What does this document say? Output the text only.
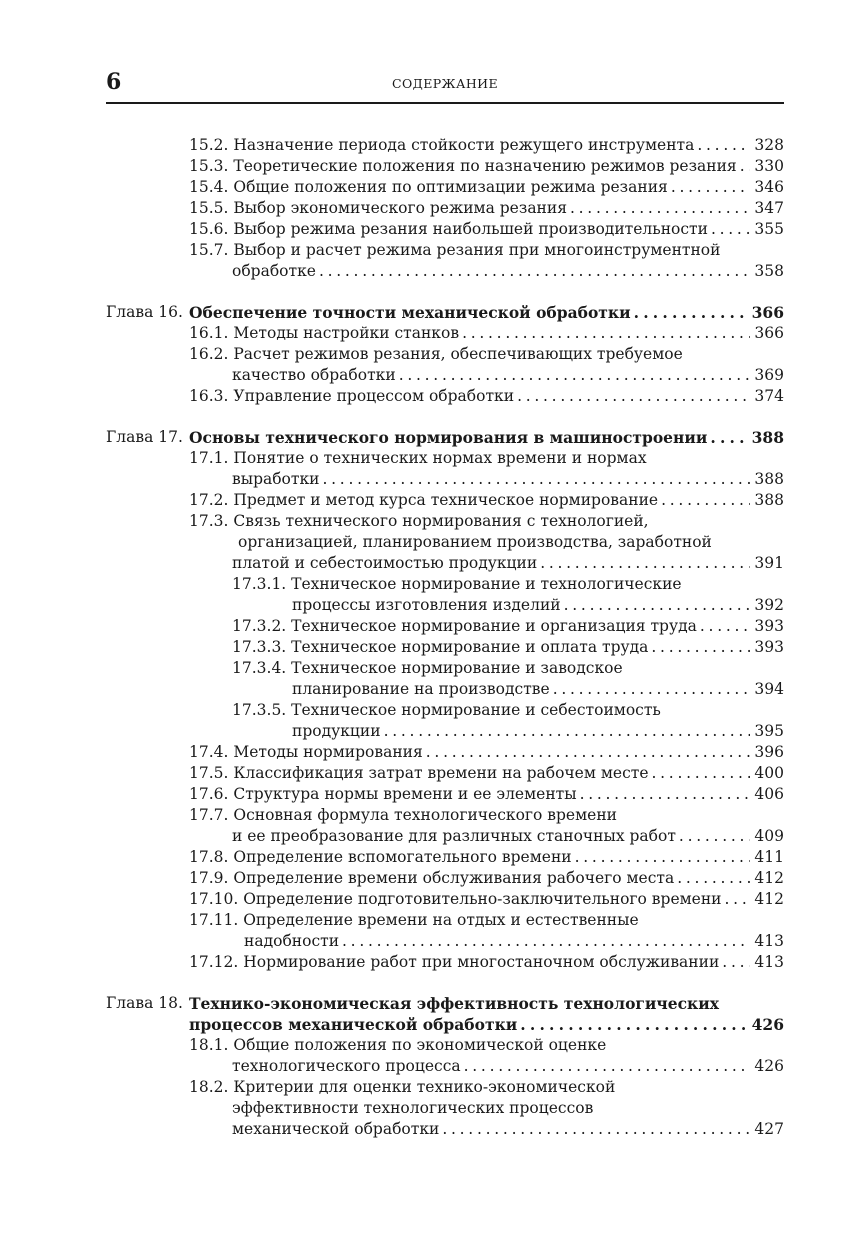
6	СОДЕРЖАНИЕ
15.2. Назначение периода стойкости режущего инструмента . . .	328
15.3. Теоретические положения по назначению режимов резания . . . 330
15.4. Общие положения по оптимизации режима резания . . .	346
15.5. Выбор экономического режима резания . . .	347
15.6. Выбор режима резания наибольшей производительности . . .	355
15.7. Выбор и расчет режима резания при многоинструментной
обработке . . .	358
Глава 16. Обеспечение точности механической обработки . . .	366
16.1. Методы настройки станков . . .	366
16.2. Расчет режимов резания, обеспечивающих требуемое
качество обработки . . .	369
16.3. Управление процессом обработки . . .	374
Глава 17. Основы технического нормирования в машиностроении . . .	388
17.1. Понятие о технических нормах времени и нормах
выработки . . .	388
17.2. Предмет и метод курса техническое нормирование . . .	388
17.3. Связь технического нормирования с технологией,
организацией, планированием производства, заработной
платой и себестоимостью продукции . . .	391
17.3.1. Техническое нормирование и технологические
процессы изготовления изделий . . .	392
17.3.2. Техническое нормирование и организация труда . . .	393
17.3.3. Техническое нормирование и оплата труда . . .	393
17.3.4. Техническое нормирование и заводское
планирование на производстве . . .	394
17.3.5. Техническое нормирование и себестоимость
продукции . . .	395
17.4. Методы нормирования . . .	396
17.5. Классификация затрат времени на рабочем месте . . .	400
17.6. Структура нормы времени и ее элементы . . .	406
17.7. Основная формула технологического времени
и ее преобразование для различных станочных работ . . .	409
17.8. Определение вспомогательного времени . . .	411
17.9. Определение времени обслуживания рабочего места . . .	412
17.10. Определение подготовительно-заключительного времени . . . 412
17.11. Определение времени на отдых и естественные
надобности . . .	413
17.12. Нормирование работ при многостаночном обслуживании . . . 413
Глава 18. Технико-экономическая эффективность технологических
процессов механической обработки . . .	426
18.1. Общие положения по экономической оценке
технологического процесса . . .	426
18.2. Критерии для оценки технико-экономической
эффективности технологических процессов
механической обработки . . .	427
